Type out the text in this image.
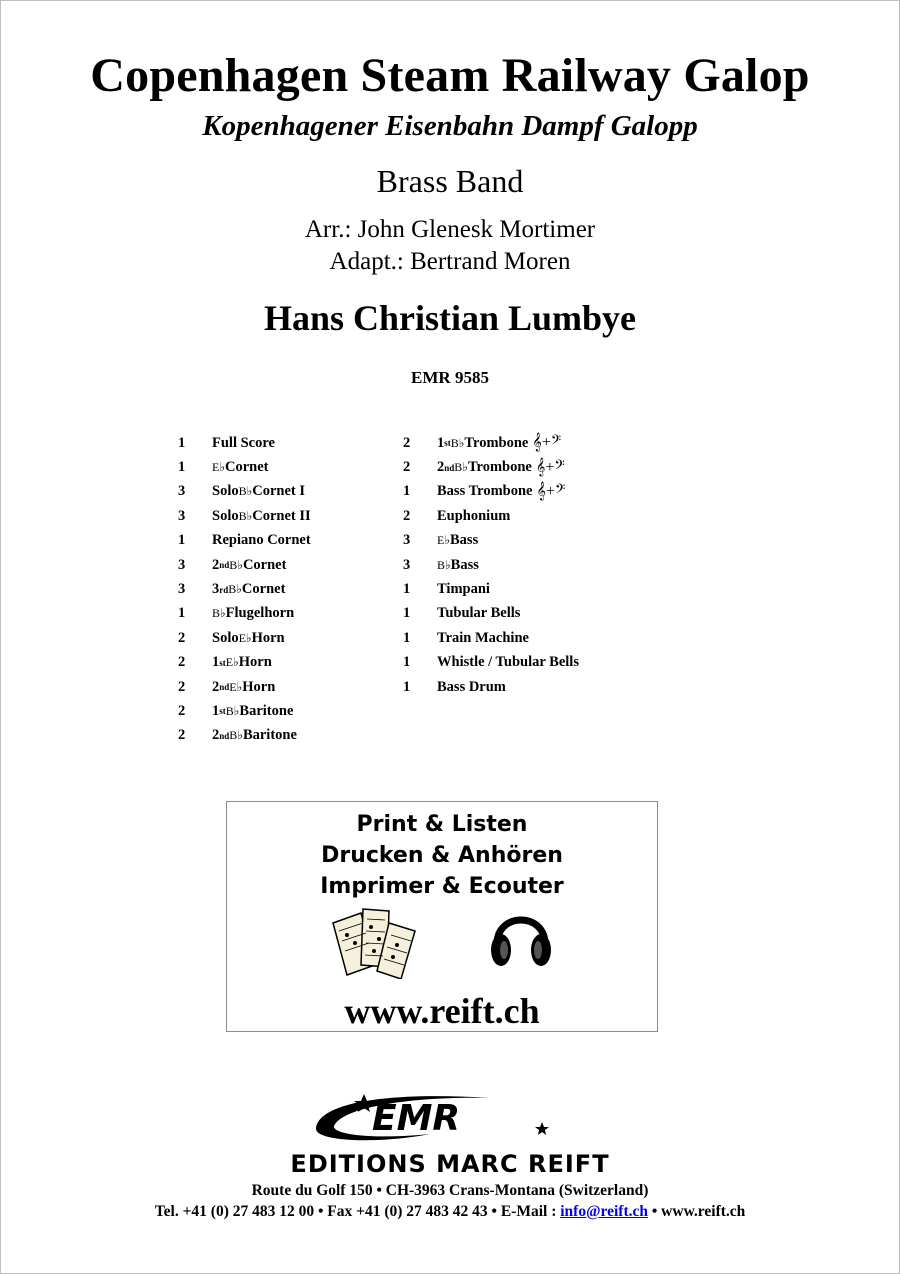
Copenhagen Steam Railway Galop
Kopenhagener Eisenbahn Dampf Galopp
Brass Band
Arr.: John Glenesk Mortimer
Adapt.: Bertrand Moren
Hans Christian Lumbye
EMR 9585
1	Full Score
1	E♭ Cornet
3	Solo B♭ Cornet I
3	Solo B♭ Cornet II
1	Repiano Cornet
3	2 nd B♭ Cornet
3	3 rd B♭ Cornet
1	B♭ Flugelhorn
2	Solo E♭ Horn
2	1 st E♭ Horn
2	2 nd E♭ Horn
2	1 st B♭ Baritone
2	2 nd B♭ Baritone
2	1 st B♭ Trombone 𝄞+𝄢
2	2 nd B♭ Trombone 𝄞+𝄢
1	Bass Trombone 𝄞+𝄢
2	Euphonium
3	E♭ Bass
3	B♭ Bass
1	Timpani
1	Tubular Bells
1	Train Machine
1	Whistle / Tubular Bells
1	Bass Drum
Print & Listen
Drucken & Anhören
Imprimer & Ecouter
www.reift.ch
EMR
EDITIONS MARC REIFT
Route du Golf 150 • CH-3963 Crans-Montana (Switzerland)
Tel. +41 (0) 27 483 12 00 • Fax +41 (0) 27 483 42 43 • E-Mail : info@reift.ch • www.reift.ch
